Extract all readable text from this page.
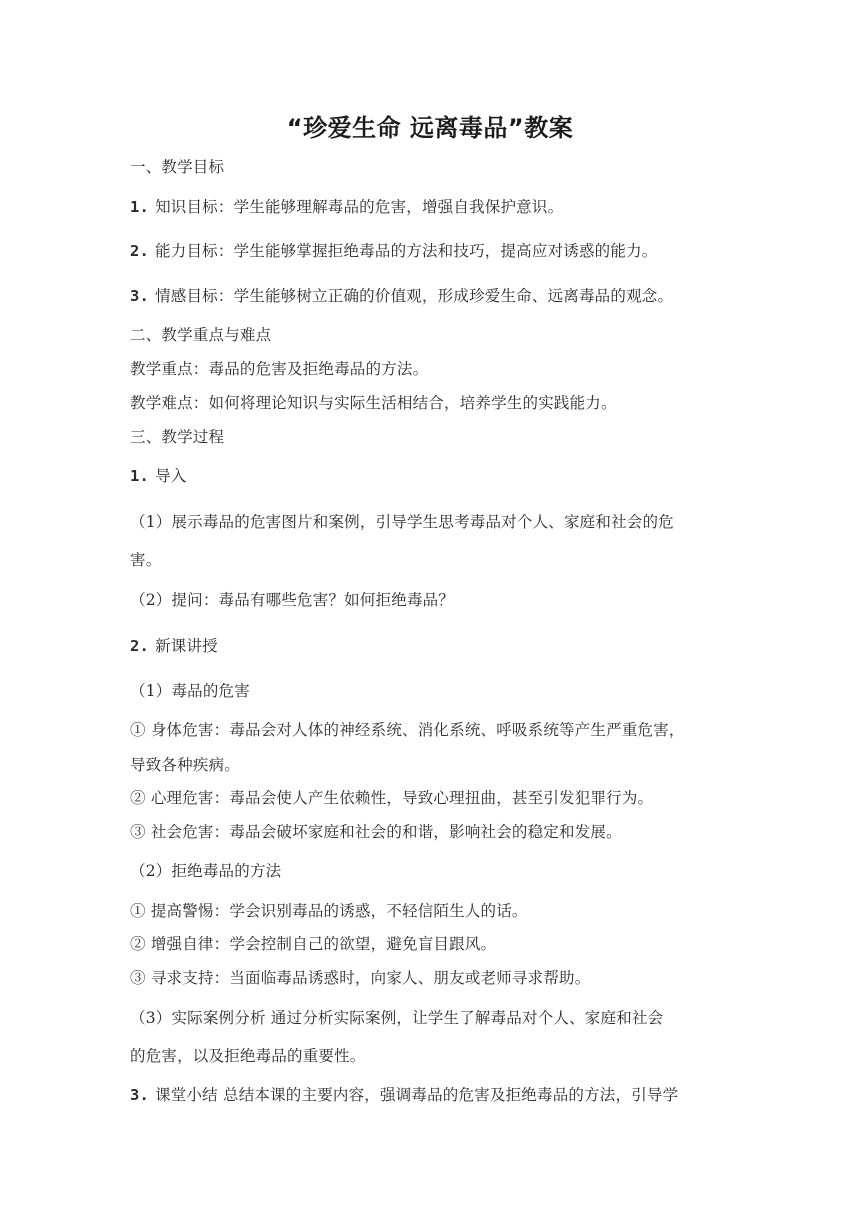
“珍爱生命 远离毒品”教案
一、教学目标
1. 知识目标：学生能够理解毒品的危害，增强自我保护意识。
2. 能力目标：学生能够掌握拒绝毒品的方法和技巧，提高应对诱惑的能力。
3. 情感目标：学生能够树立正确的价值观，形成珍爱生命、远离毒品的观念。
二、教学重点与难点
教学重点：毒品的危害及拒绝毒品的方法。
教学难点：如何将理论知识与实际生活相结合，培养学生的实践能力。
三、教学过程
1. 导入
（1）展示毒品的危害图片和案例，引导学生思考毒品对个人、家庭和社会的危
害。
（2）提问：毒品有哪些危害？如何拒绝毒品？
2. 新课讲授
（1）毒品的危害
① 身体危害：毒品会对人体的神经系统、消化系统、呼吸系统等产生严重危害，
导致各种疾病。
② 心理危害：毒品会使人产生依赖性，导致心理扭曲，甚至引发犯罪行为。
③ 社会危害：毒品会破坏家庭和社会的和谐，影响社会的稳定和发展。
（2）拒绝毒品的方法
① 提高警惕：学会识别毒品的诱惑，不轻信陌生人的话。
② 增强自律：学会控制自己的欲望，避免盲目跟风。
③ 寻求支持：当面临毒品诱惑时，向家人、朋友或老师寻求帮助。
（3）实际案例分析 通过分析实际案例，让学生了解毒品对个人、家庭和社会
的危害，以及拒绝毒品的重要性。
3. 课堂小结 总结本课的主要内容，强调毒品的危害及拒绝毒品的方法，引导学
